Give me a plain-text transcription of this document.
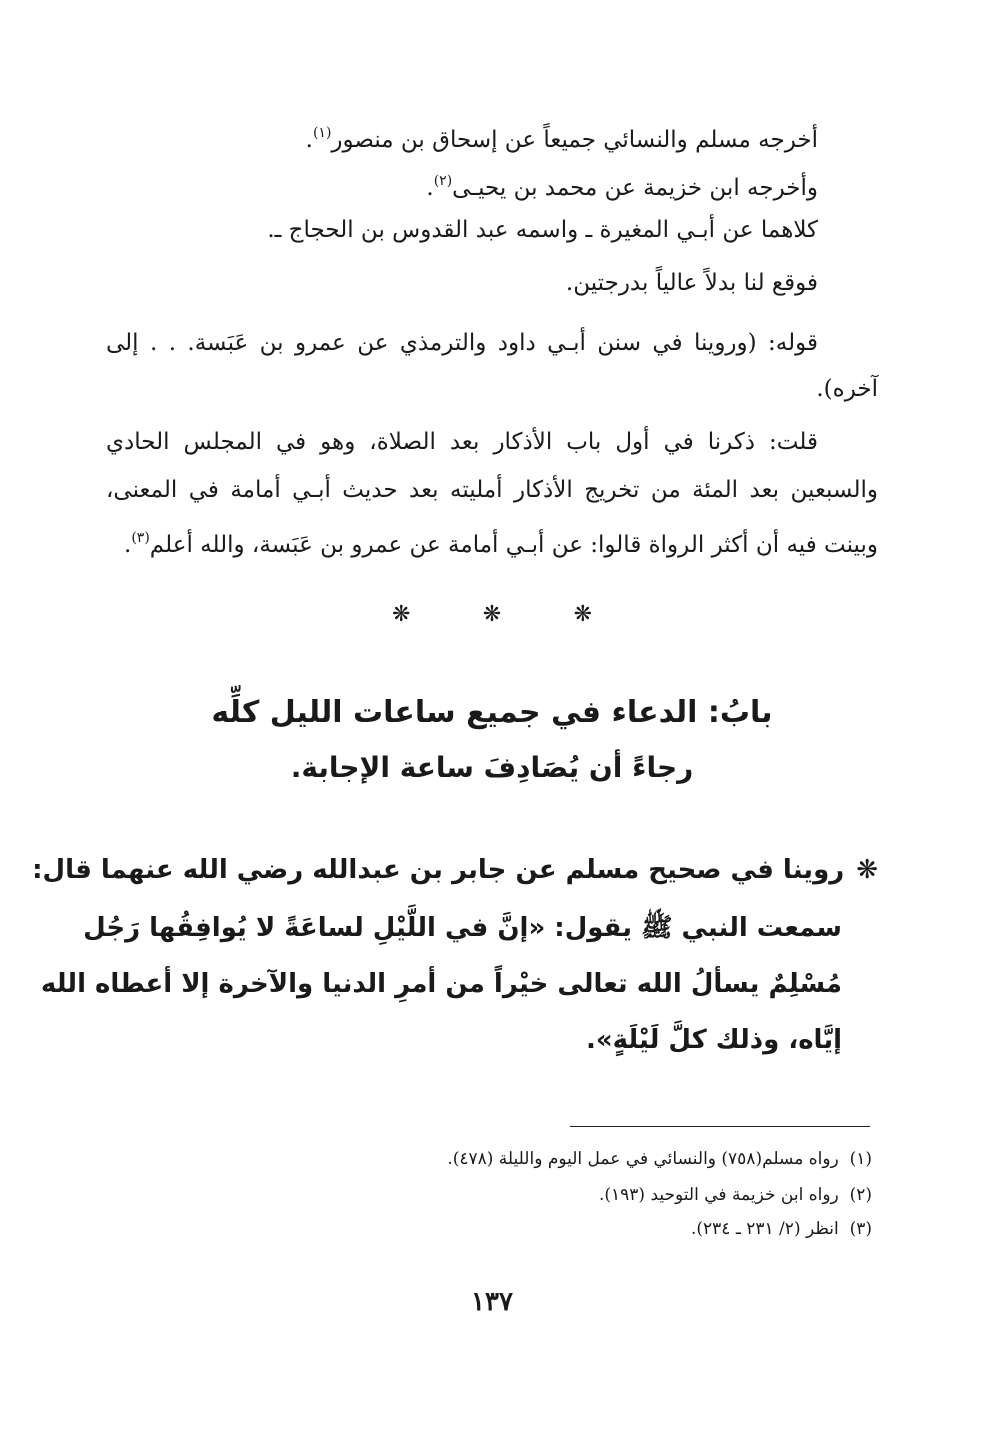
أخرجه مسلم والنسائي جميعاً عن إسحاق بن منصور$^{(١)}$.
وأخرجه ابن خزيمة عن محمد بن يحيـى$^{(٢)}$.
كلاهما عن أبـي المغيرة ـ واسمه عبد القدوس بن الحجاج ـ.
فوقع لنا بدلاً عالياً بدرجتين.
قوله: (وروينا في سنن أبـي داود والترمذي عن عمرو بن عَبَسة. . . إلى آخره).
قلت: ذكرنا في أول باب الأذكار بعد الصلاة، وهو في المجلس الحادي والسبعين بعد المئة من تخريج الأذكار أمليته بعد حديث أبـي أمامة في المعنى، وبينت فيه أن أكثر الرواة قالوا: عن أبـي أمامة عن عمرو بن عَبَسة، والله أعلم$^{(٣)}$.
❋	❋	❋
بابُ: الدعاء في جميع ساعات الليل كلِّه
رجاءً أن يُصَادِفَ ساعة الإجابة.
❋روينا في صحيح مسلم عن جابر بن عبدالله رضي الله عنهما قال:
سمعت النبي ﷺ يقول: «إنَّ في اللَّيْلِ لساعَةً لا يُوافِقُها رَجُل
مُسْلِمٌ يسألُ الله تعالى خيْراً من أمرِ الدنيا والآخرة إلا أعطاه الله
إيَّاه، وذلك كلَّ لَيْلَةٍ».
(١)  رواه مسلم(٧٥٨) والنسائي في عمل اليوم والليلة (٤٧٨).
(٢)  رواه ابن خزيمة في التوحيد (١٩٣).
(٣)  انظر (٢/ ٢٣١ ـ ٢٣٤).
١٣٧
